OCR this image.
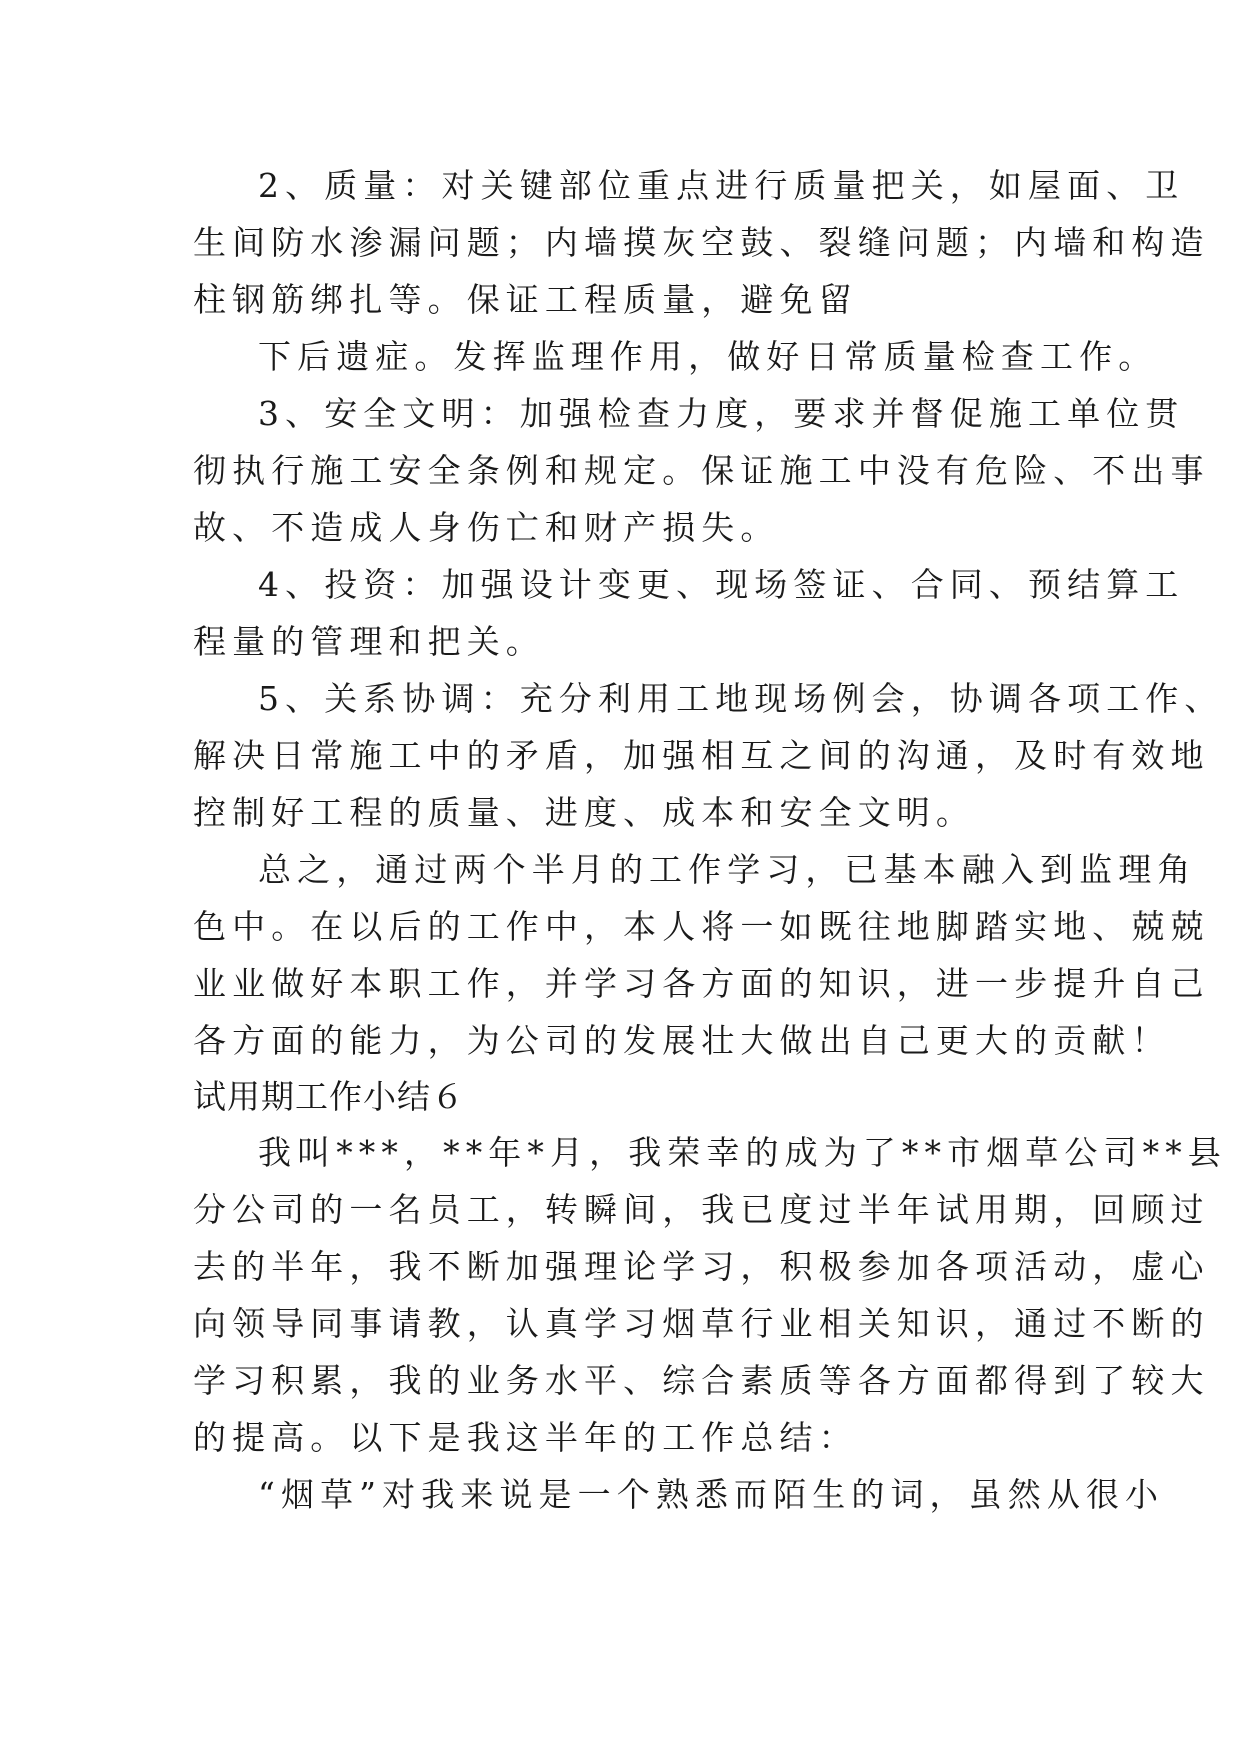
2、质量：对关键部位重点进行质量把关，如屋面、卫

生间防水渗漏问题；内墙摸灰空鼓、裂缝问题；内墙和构造

柱钢筋绑扎等。保证工程质量，避免留

下后遗症。发挥监理作用，做好日常质量检查工作。

3、安全文明：加强检查力度，要求并督促施工单位贯

彻执行施工安全条例和规定。保证施工中没有危险、不出事

故、不造成人身伤亡和财产损失。

4、投资：加强设计变更、现场签证、合同、预结算工

程量的管理和把关。

5、关系协调：充分利用工地现场例会，协调各项工作、

解决日常施工中的矛盾，加强相互之间的沟通，及时有效地

控制好工程的质量、进度、成本和安全文明。

总之，通过两个半月的工作学习，已基本融入到监理角

色中。在以后的工作中，本人将一如既往地脚踏实地、兢兢

业业做好本职工作，并学习各方面的知识，进一步提升自己

各方面的能力，为公司的发展壮大做出自己更大的贡献！

试用期工作小结６

我叫***，**年*月，我荣幸的成为了**市烟草公司**县

分公司的一名员工，转瞬间，我已度过半年试用期，回顾过

去的半年，我不断加强理论学习，积极参加各项活动，虚心

向领导同事请教，认真学习烟草行业相关知识，通过不断的

学习积累，我的业务水平、综合素质等各方面都得到了较大

的提高。以下是我这半年的工作总结：

“烟草”对我来说是一个熟悉而陌生的词，虽然从很小
